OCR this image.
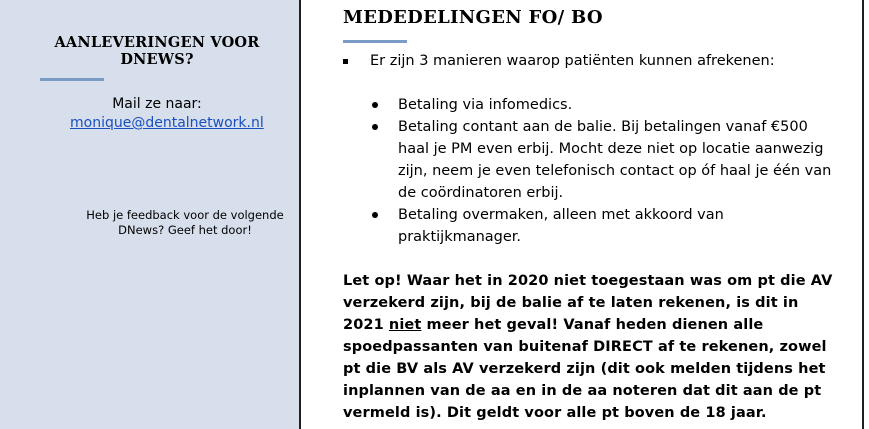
AANLEVERINGEN VOOR DNEWS?
Mail ze naar:
monique@dentalnetwork.nl
Heb je feedback voor de volgende DNews? Geef het door!
MEDEDELINGEN FO/ BO
Er zijn 3 manieren waarop patiënten kunnen afrekenen:
Betaling via infomedics.
Betaling contant aan de balie. Bij betalingen vanaf €500 haal je PM even erbij. Mocht deze niet op locatie aanwezig zijn, neem je even telefonisch contact op óf haal je één van de coördinatoren erbij.
Betaling overmaken, alleen met akkoord van praktijkmanager.
Let op! Waar het in 2020 niet toegestaan was om pt die AV verzekerd zijn, bij de balie af te laten rekenen, is dit in 2021 niet meer het geval! Vanaf heden dienen alle spoedpassanten van buitenaf DIRECT af te rekenen, zowel pt die BV als AV verzekerd zijn (dit ook melden tijdens het inplannen van de aa en in de aa noteren dat dit aan de pt vermeld is). Dit geldt voor alle pt boven de 18 jaar.
